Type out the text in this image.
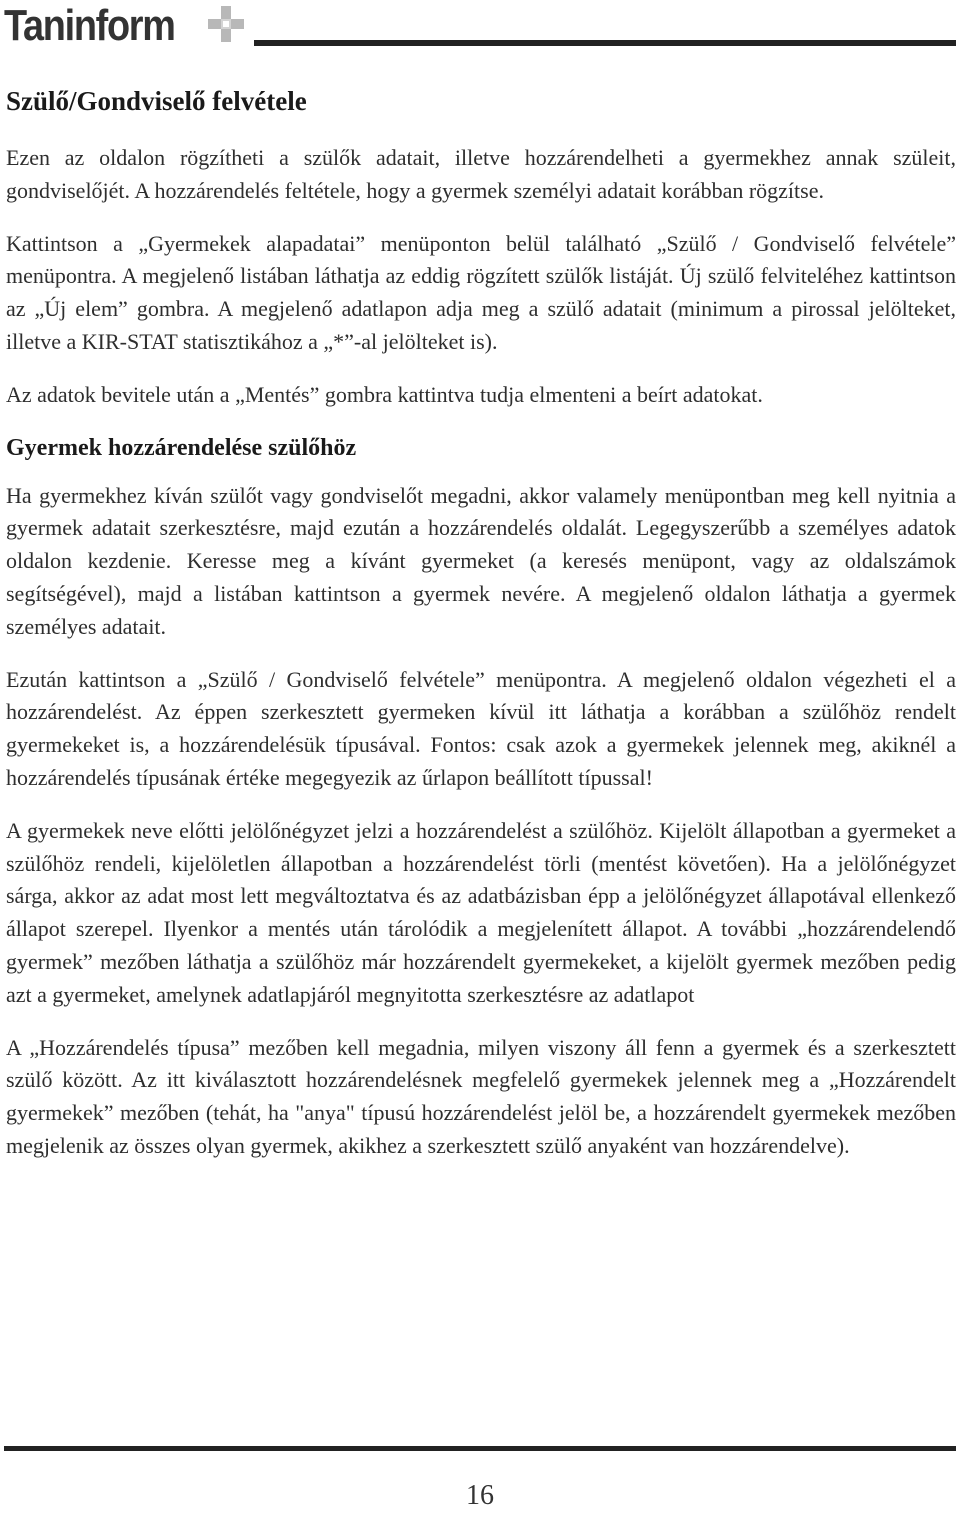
Taninform
Szülő/Gondviselő felvétele

Ezen az oldalon rögzítheti a szülők adatait, illetve hozzárendelheti a gyermekhez annak szüleit, gondviselőjét. A hozzárendelés feltétele, hogy a gyermek személyi adatait korábban rögzítse.

Kattintson a „Gyermekek alapadatai” menüponton belül található „Szülő / Gondviselő felvétele” menüpontra. A megjelenő listában láthatja az eddig rögzített szülők listáját. Új szülő felviteléhez kattintson az „Új elem” gombra. A megjelenő adatlapon adja meg a szülő adatait (minimum a pirossal jelölteket, illetve a KIR-STAT statisztikához a „*”-al jelölteket is).

Az adatok bevitele után a „Mentés” gombra kattintva tudja elmenteni a beírt adatokat.

Gyermek hozzárendelése szülőhöz

Ha gyermekhez kíván szülőt vagy gondviselőt megadni, akkor valamely menüpontban meg kell nyitnia a gyermek adatait szerkesztésre, majd ezután a hozzárendelés oldalát. Legegyszerűbb a személyes adatok oldalon kezdenie. Keresse meg a kívánt gyermeket (a keresés menüpont, vagy az oldalszámok segítségével), majd a listában kattintson a gyermek nevére. A megjelenő oldalon láthatja a gyermek személyes adatait.

Ezután kattintson a „Szülő / Gondviselő felvétele” menüpontra. A megjelenő oldalon végezheti el a hozzárendelést. Az éppen szerkesztett gyermeken kívül itt láthatja a korábban a szülőhöz rendelt gyermekeket is, a hozzárendelésük típusával. Fontos: csak azok a gyermekek jelennek meg, akiknél a hozzárendelés típusának értéke megegyezik az űrlapon beállított típussal!

A gyermekek neve előtti jelölőnégyzet jelzi a hozzárendelést a szülőhöz. Kijelölt állapotban a gyermeket a szülőhöz rendeli, kijelöletlen állapotban a hozzárendelést törli (mentést követően). Ha a jelölőnégyzet sárga, akkor az adat most lett megváltoztatva és az adatbázisban épp a jelölőnégyzet állapotával ellenkező állapot szerepel. Ilyenkor a mentés után tárolódik a megjelenített állapot. A további „hozzárendelendő gyermek” mezőben láthatja a szülőhöz már hozzárendelt gyermekeket, a kijelölt gyermek mezőben pedig azt a gyermeket, amelynek adatlapjáról megnyitotta szerkesztésre az adatlapot

A „Hozzárendelés típusa” mezőben kell megadnia, milyen viszony áll fenn a gyermek és a szerkesztett szülő között. Az itt kiválasztott hozzárendelésnek megfelelő gyermekek jelennek meg a „Hozzárendelt gyermekek” mezőben (tehát, ha "anya" típusú hozzárendelést jelöl be, a hozzárendelt gyermekek mezőben megjelenik az összes olyan gyermek, akikhez a szerkesztett szülő anyaként van hozzárendelve).

16
